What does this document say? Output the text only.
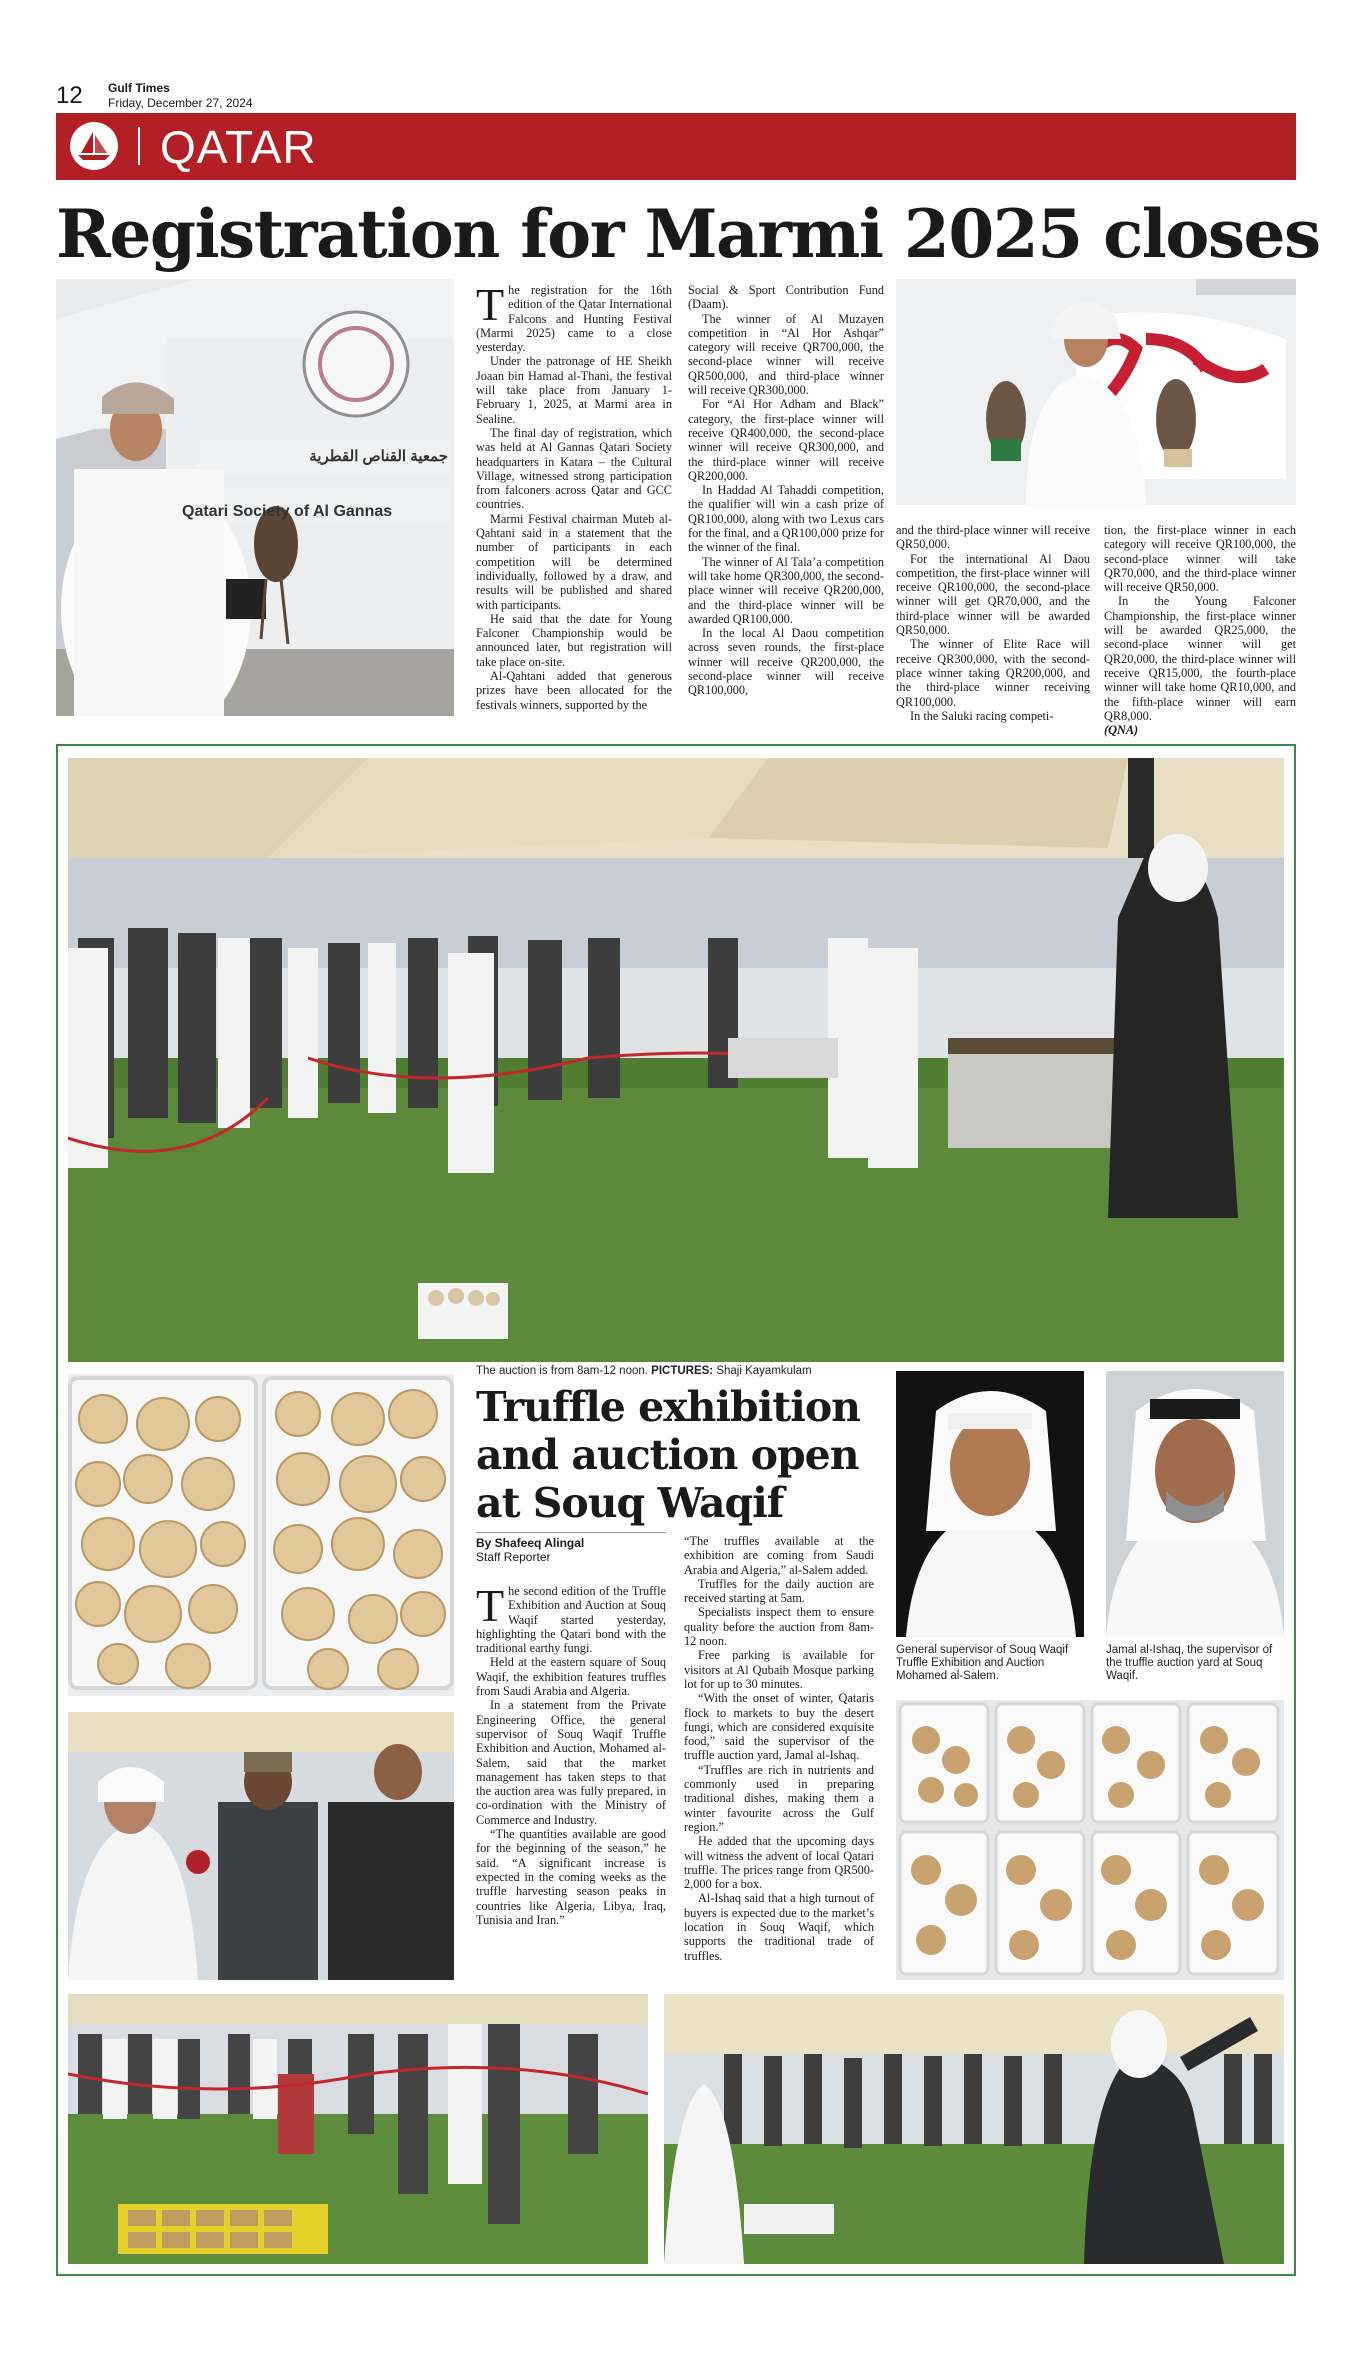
12 Gulf Times
Friday, December 27, 2024
QATAR
Registration for Marmi 2025 closes
جمعية القناص القطرية
Qatari Society of Al Gannas
T he registration for the 16th edition of the Qatar International Falcons and Hunting Festival (Marmi 2025) came to a close yesterday.

Under the patronage of HE Sheikh Joaan bin Hamad al-Thani, the festival will take place from January 1-February 1, 2025, at Marmi area in Sealine.

The final day of registration, which was held at Al Gannas Qatari Society headquarters in Katara – the Cultural Village, witnessed strong participation from falconers across Qatar and GCC countries.

Marmi Festival chairman Muteb al-Qahtani said in a statement that the number of participants in each competition will be determined individually, followed by a draw, and results will be published and shared with participants.

He said that the date for Young Falconer Championship would be announced later, but registration will take place on-site.

Al-Qahtani added that generous prizes have been allocated for the festivals winners, supported by the

Social & Sport Contribution Fund (Daam).

The winner of Al Muzayen competition in “Al Hor Ashqar” category will receive QR700,000, the second-place winner will receive QR500,000, and third-place winner will receive QR300,000.

For “Al Hor Adham and Black” category, the first-place winner will receive QR400,000, the second-place winner will receive QR300,000, and the third-place winner will receive QR200,000.

In Haddad Al Tahaddi competition, the qualifier will win a cash prize of QR100,000, along with two Lexus cars for the final, and a QR100,000 prize for the winner of the final.

The winner of Al Tala’a competition will take home QR300,000, the second-place winner will receive QR200,000, and the third-place winner will be awarded QR100,000.

In the local Al Daou competition across seven rounds, the first-place winner will receive QR200,000, the second-place winner will receive QR100,000,

and the third-place winner will receive QR50,000.

For the international Al Daou competition, the first-place winner will receive QR100,000, the second-place winner will get QR70,000, and the third-place winner will be awarded QR50,000.

The winner of Elite Race will receive QR300,000, with the second-place winner taking QR200,000, and the third-place winner receiving QR100,000.

In the Saluki racing competi-

tion, the first-place winner in each category will receive QR100,000, the second-place winner will take QR70,000, and the third-place winner will receive QR50,000.

In the Young Falconer Championship, the first-place winner will be awarded QR25,000, the second-place winner will get QR20,000, the third-place winner will receive QR15,000, the fourth-place winner will take home QR10,000, and the fifth-place winner will earn QR8,000.

(QNA)
The auction is from 8am-12 noon. PICTURES: Shaji Kayamkulam
Truffle exhibition and auction open at Souq Waqif
By Shafeeq Alingal
Staff Reporter
T he second edition of the Truffle Exhibition and Auction at Souq Waqif started yesterday, highlighting the Qatari bond with the traditional earthy fungi.

Held at the eastern square of Souq Waqif, the exhibition features truffles from Saudi Arabia and Algeria.

In a statement from the Private Engineering Office, the general supervisor of Souq Waqif Truffle Exhibition and Auction, Mohamed al-Salem, said that the market management has taken steps to that the auction area was fully prepared, in co-ordination with the Ministry of Commerce and Industry.

“The quantities available are good for the beginning of the season,” he said. “A significant increase is expected in the coming weeks as the truffle harvesting season peaks in countries like Algeria, Libya, Iraq, Tunisia and Iran.”

“The truffles available at the exhibition are coming from Saudi Arabia and Algeria,” al-Salem added.

Truffles for the daily auction are received starting at 5am.

Specialists inspect them to ensure quality before the auction from 8am-12 noon.

Free parking is available for visitors at Al Qubaib Mosque parking lot for up to 30 minutes.

“With the onset of winter, Qataris flock to markets to buy the desert fungi, which are considered exquisite food,” said the supervisor of the truffle auction yard, Jamal al-Ishaq.

“Truffles are rich in nutrients and commonly used in preparing traditional dishes, making them a winter favourite across the Gulf region.”

He added that the upcoming days will witness the advent of local Qatari truffle. The prices range from QR500-2,000 for a box.

Al-Ishaq said that a high turnout of buyers is expected due to the market’s location in Souq Waqif, which supports the traditional trade of truffles.

General supervisor of Souq Waqif Truffle Exhibition and Auction Mohamed al-Salem.
Jamal al-Ishaq, the supervisor of the truffle auction yard at Souq Waqif.
